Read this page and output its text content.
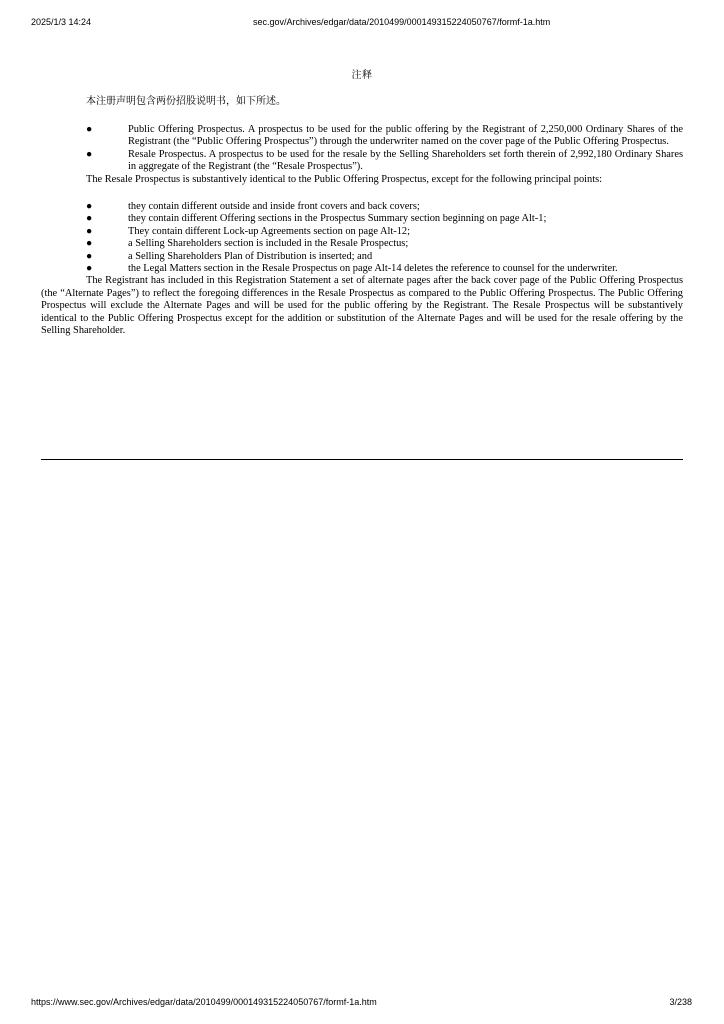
2025/1/3 14:24	sec.gov/Archives/edgar/data/2010499/000149315224050767/formf-1a.htm
注释
本注册声明包含两份招股说明书，如下所述。
●	Public Offering Prospectus. A prospectus to be used for the public offering by the Registrant of 2,250,000 Ordinary Shares of the Registrant (the “Public Offering Prospectus”) through the underwriter named on the cover page of the Public Offering Prospectus.
●	Resale Prospectus. A prospectus to be used for the resale by the Selling Shareholders set forth therein of 2,992,180 Ordinary Shares in aggregate of the Registrant (the “Resale Prospectus”).

The Resale Prospectus is substantively identical to the Public Offering Prospectus, except for the following principal points:

●	they contain different outside and inside front covers and back covers;
●	they contain different Offering sections in the Prospectus Summary section beginning on page Alt-1;
●	They contain different Lock-up Agreements section on page Alt-12;
●	a Selling Shareholders section is included in the Resale Prospectus;
●	a Selling Shareholders Plan of Distribution is inserted; and
●	the Legal Matters section in the Resale Prospectus on page Alt-14 deletes the reference to counsel for the underwriter.

The Registrant has included in this Registration Statement a set of alternate pages after the back cover page of the Public Offering Prospectus (the “Alternate Pages”) to reflect the foregoing differences in the Resale Prospectus as compared to the Public Offering Prospectus. The Public Offering Prospectus will exclude the Alternate Pages and will be used for the public offering by the Registrant. The Resale Prospectus will be substantively identical to the Public Offering Prospectus except for the addition or substitution of the Alternate Pages and will be used for the resale offering by the Selling Shareholder.

https://www.sec.gov/Archives/edgar/data/2010499/000149315224050767/formf-1a.htm	3/238
